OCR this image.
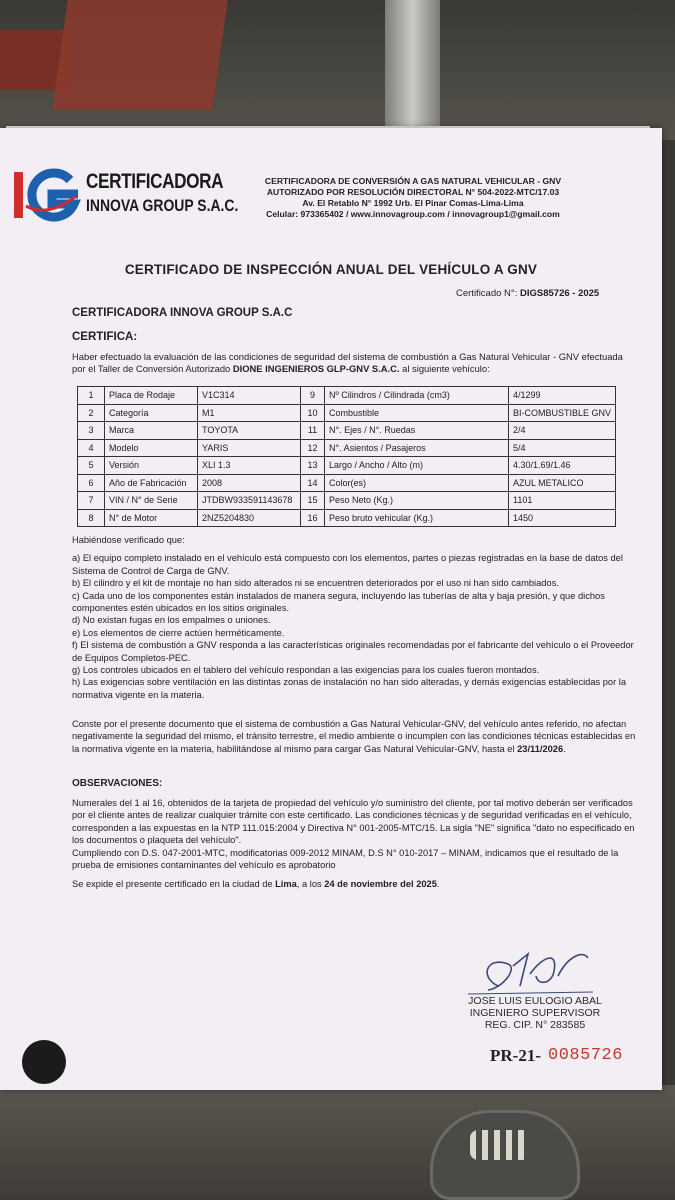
CERTIFICADORA
INNOVA GROUP S.A.C.
CERTIFICADORA DE CONVERSIÓN A GAS NATURAL VEHICULAR - GNV
AUTORIZADO POR RESOLUCIÓN DIRECTORAL N° 504-2022-MTC/17.03
Av. El Retablo N° 1992 Urb. El Pinar Comas-Lima-Lima
Celular: 973365402 / www.innovagroup.com / innovagroup1@gmail.com
CERTIFICADO DE INSPECCIÓN ANUAL DEL VEHÍCULO A GNV
Certificado N°: DIGS85726 - 2025
CERTIFICADORA INNOVA GROUP S.A.C
CERTIFICA:
Haber efectuado la evaluación de las condiciones de seguridad del sistema de combustión a Gas Natural Vehicular - GNV efectuada por el Taller de Conversión Autorizado DIONE INGENIEROS GLP-GNV S.A.C. al siguiente vehículo:
1	Placa de Rodaje	V1C314	9	Nº Cilindros / Cilindrada (cm3)	4/1299
2	Categoría	M1	10	Combustible	BI-COMBUSTIBLE GNV
3	Marca	TOYOTA	11	N°. Ejes / N°. Ruedas	2/4
4	Modelo	YARIS	12	N°. Asientos / Pasajeros	5/4
5	Versión	XLI 1.3	13	Largo / Ancho / Alto (m)	4.30/1.69/1.46
6	Año de Fabricación	2008	14	Color(es)	AZUL METALICO
7	VIN / N° de Serie	JTDBW933591143678	15	Peso Neto (Kg.)	1101
8	N° de Motor	2NZ5204830	16	Peso bruto vehicular (Kg.)	1450
Habiéndose verificado que:
a) El equipo completo instalado en el vehículo está compuesto con los elementos, partes o piezas registradas en la base de datos del Sistema de Control de Carga de GNV.
b) El cilindro y el kit de montaje no han sido alterados ni se encuentren deteriorados por el uso ni han sido cambiados.
c) Cada uno de los componentes están instalados de manera segura, incluyendo las tuberías de alta y baja presión, y que dichos componentes estén ubicados en los sitios originales.
d) No existan fugas en los empalmes o uniones.
e) Los elementos de cierre actúen herméticamente.
f) El sistema de combustión a GNV responda a las características originales recomendadas por el fabricante del vehículo o el Proveedor de Equipos Completos-PEC.
g) Los controles ubicados en el tablero del vehículo respondan a las exigencias para los cuales fueron montados.
h) Las exigencias sobre ventilación en las distintas zonas de instalación no han sido alteradas, y demás exigencias establecidas por la normativa vigente en la materia.
Conste por el presente documento que el sistema de combustión a Gas Natural Vehicular-GNV, del vehículo antes referido, no afectan negativamente la seguridad del mismo, el tránsito terrestre, el medio ambiente o incumplen con las condiciones técnicas establecidas en la normativa vigente en la materia, habilitándose al mismo para cargar Gas Natural Vehicular-GNV, hasta el 23/11/2026.
OBSERVACIONES:
Numerales del 1 al 16, obtenidos de la tarjeta de propiedad del vehículo y/o suministro del cliente, por tal motivo deberán ser verificados por el cliente antes de realizar cualquier trámite con este certificado. Las condiciones técnicas y de seguridad verificadas en el vehículo, corresponden a las expuestas en la NTP 111.015:2004 y Directiva N° 001-2005-MTC/15. La sigla "NE" significa "dato no especificado en los documentos o plaqueta del vehículo".
Cumpliendo con D.S. 047-2001-MTC, modificatorias 009-2012 MINAM, D.S N° 010-2017 – MINAM, indicamos que el resultado de la prueba de emisiones contaminantes del vehículo es aprobatorio
Se expide el presente certificado en la ciudad de Lima, a los 24 de noviembre del 2025.
JOSE LUIS EULOGIO ABAL
INGENIERO SUPERVISOR
REG. CIP. N° 283585
PR-21- 0085726
